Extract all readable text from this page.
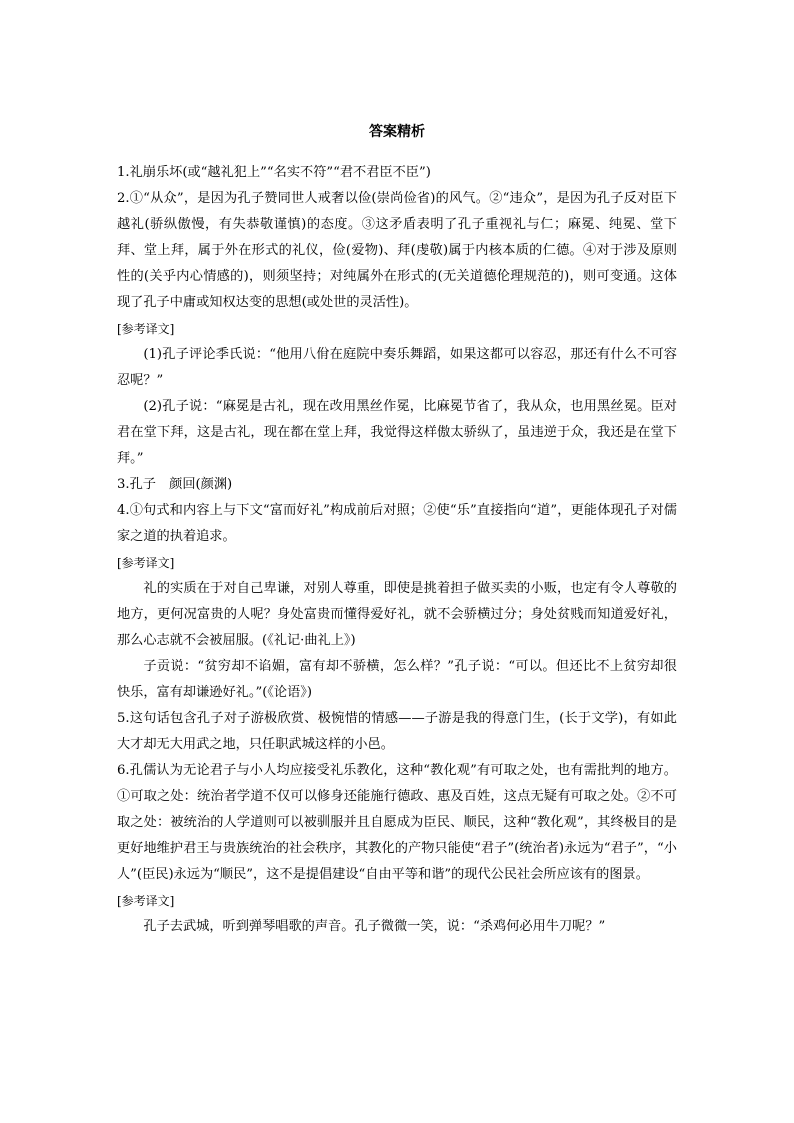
答案精析

1.礼崩乐坏(或“越礼犯上”“名实不符”“君不君臣不臣”)

2.①“从众”，是因为孔子赞同世人戒奢以俭(崇尚俭省)的风气。②“违众”，是因为孔子反对臣下越礼(骄纵傲慢，有失恭敬谨慎)的态度。③这矛盾表明了孔子重视礼与仁；麻冕、纯冕、堂下拜、堂上拜，属于外在形式的礼仪，俭(爱物)、拜(虔敬)属于内核本质的仁德。④对于涉及原则性的(关乎内心情感的)，则须坚持；对纯属外在形式的(无关道德伦理规范的)，则可变通。这体现了孔子中庸或知权达变的思想(或处世的灵活性)。

[参考译文]

(1)孔子评论季氏说：“他用八佾在庭院中奏乐舞蹈，如果这都可以容忍，那还有什么不可容忍呢？”

(2)孔子说：“麻冕是古礼，现在改用黑丝作冕，比麻冕节省了，我从众，也用黑丝冕。臣对君在堂下拜，这是古礼，现在都在堂上拜，我觉得这样傲太骄纵了，虽违逆于众，我还是在堂下拜。”

3.孔子　颜回(颜渊)

4.①句式和内容上与下文“富而好礼”构成前后对照；②使“乐”直接指向“道”，更能体现孔子对儒家之道的执着追求。

[参考译文]

礼的实质在于对自己卑谦，对别人尊重，即使是挑着担子做买卖的小贩，也定有令人尊敬的地方，更何况富贵的人呢？身处富贵而懂得爱好礼，就不会骄横过分；身处贫贱而知道爱好礼，那么心志就不会被屈服。(《礼记·曲礼上》)

子贡说：“贫穷却不谄媚，富有却不骄横，怎么样？”孔子说：“可以。但还比不上贫穷却很快乐，富有却谦逊好礼。”(《论语》)

5.这句话包含孔子对子游极欣赏、极惋惜的情感——子游是我的得意门生，(长于文学)，有如此大才却无大用武之地，只任职武城这样的小邑。

6.孔儒认为无论君子与小人均应接受礼乐教化，这种“教化观”有可取之处，也有需批判的地方。①可取之处：统治者学道不仅可以修身还能施行德政、惠及百姓，这点无疑有可取之处。②不可取之处：被统治的人学道则可以被驯服并且自愿成为臣民、顺民，这种“教化观”，其终极目的是更好地维护君王与贵族统治的社会秩序，其教化的产物只能使“君子”(统治者)永远为“君子”，“小人”(臣民)永远为“顺民”，这不是提倡建设“自由平等和谐”的现代公民社会所应该有的图景。

[参考译文]

孔子去武城，听到弹琴唱歌的声音。孔子微微一笑，说：“杀鸡何必用牛刀呢？”
